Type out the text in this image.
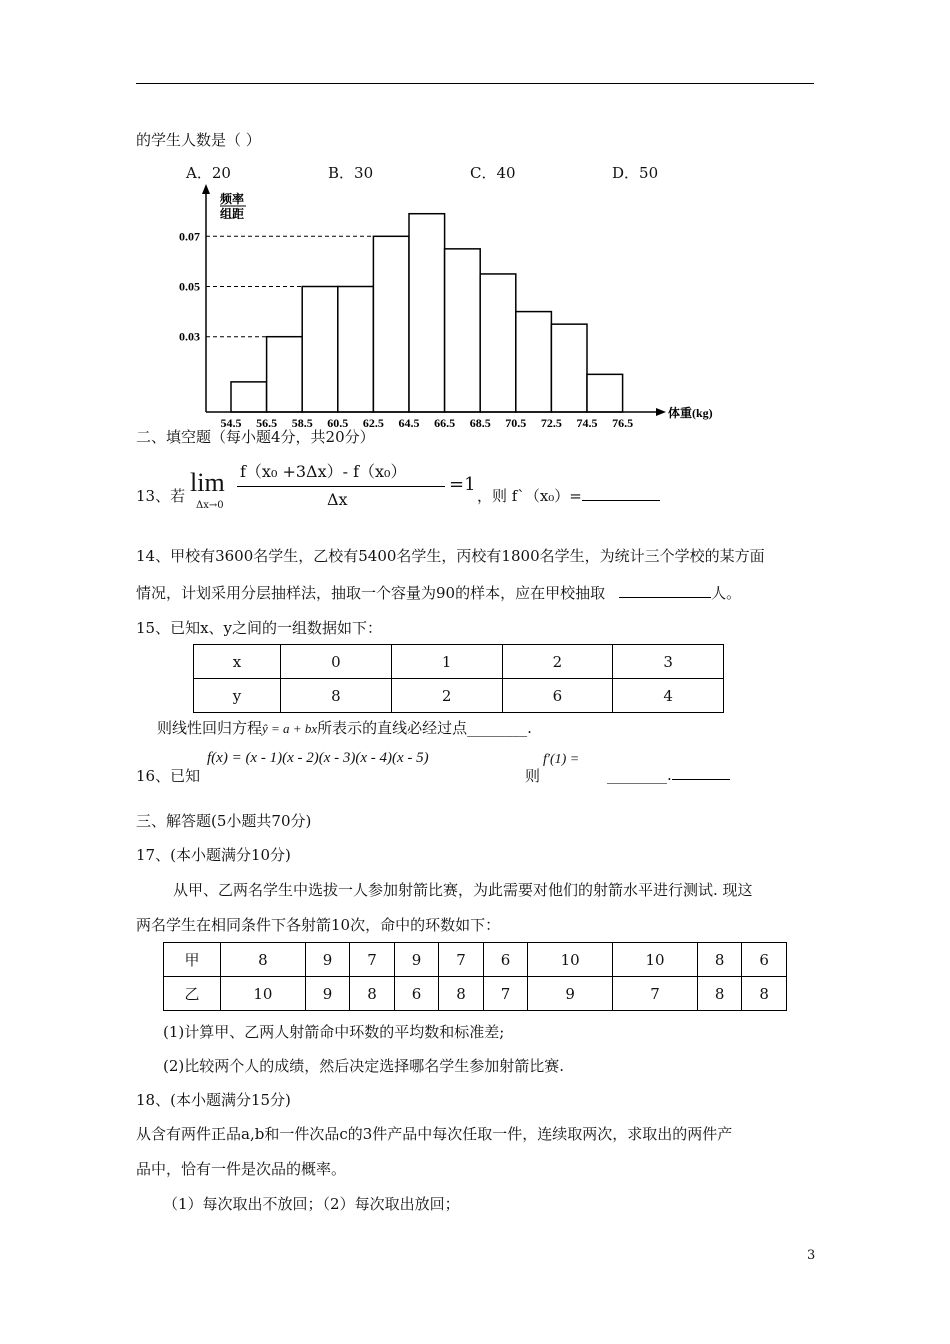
的学生人数是（ ）
A．20	B．30	C．40	D．50
0.07
0.05
0.03
54.5 56.5 58.5 60.5 62.5 64.5 66.5 68.5 70.5 72.5 74.5 76.5
体重(kg)
频率
组距
二、填空题（每小题4分，共20分）
13、若 lim
Δx→0
f（x₀ +3Δx）- f（x₀）
Δx
=1
，则 f`（x₀）=
14、甲校有3600名学生，乙校有5400名学生，丙校有1800名学生，为统计三个学校的某方面
情况，计划采用分层抽样法，抽取一个容量为90的样本，应在甲校抽取	人。
15、已知x、y之间的一组数据如下：
x	0	1	2	3
y	8	2	6	4
则线性回归方程ŷ = a + bx所表示的直线必经过点________.
16、已知
f(x) = (x - 1)(x - 2)(x - 3)(x - 4)(x - 5)
则
f′(1) =
________.
三、解答题(5小题共70分)
17、(本小题满分10分)
从甲、乙两名学生中选拔一人参加射箭比赛，为此需要对他们的射箭水平进行测试. 现这
两名学生在相同条件下各射箭10次，命中的环数如下：
甲	8	9	7	9	7	6	10	10	8	6
乙	10	9	8	6	8	7	9	7	8	8
(1)计算甲、乙两人射箭命中环数的平均数和标准差;
(2)比较两个人的成绩，然后决定选择哪名学生参加射箭比赛.
18、(本小题满分15分)
从含有两件正品a,b和一件次品c的3件产品中每次任取一件，连续取两次，求取出的两件产
品中，恰有一件是次品的概率。
（1）每次取出不放回；（2）每次取出放回；
3
